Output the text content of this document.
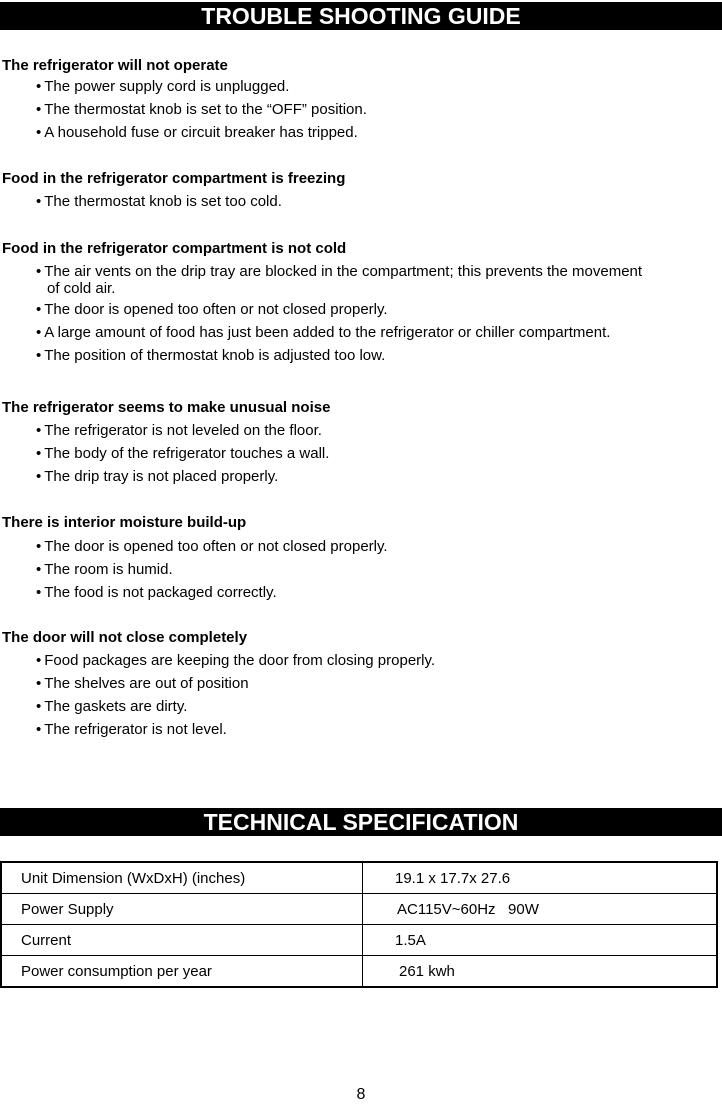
TROUBLE SHOOTING GUIDE

The refrigerator will not operate

• The power supply cord is unplugged.
• The thermostat knob is set to the “OFF” position.
• A household fuse or circuit breaker has tripped.

Food in the refrigerator compartment is freezing

• The thermostat knob is set too cold.

Food in the refrigerator compartment is not cold

• The air vents on the drip tray are blocked in the compartment; this prevents the movement of cold air.
• The door is opened too often or not closed properly.
• A large amount of food has just been added to the refrigerator or chiller compartment.
• The position of thermostat knob is adjusted too low.

The refrigerator seems to make unusual noise

• The refrigerator is not leveled on the floor.
• The body of the refrigerator touches a wall.
• The drip tray is not placed properly.

There is interior moisture build-up

• The door is opened too often or not closed properly.
• The room is humid.
• The food is not packaged correctly.

The door will not close completely

• Food packages are keeping the door from closing properly.
• The shelves are out of position
• The gaskets are dirty.
• The refrigerator is not level.
TECHNICAL SPECIFICATION
Unit Dimension (WxDxH) (inches)	19.1 x 17.7x 27.6
Power Supply	AC115V~60Hz   90W
Current	1.5A
Power consumption per year	261 kwh
8
